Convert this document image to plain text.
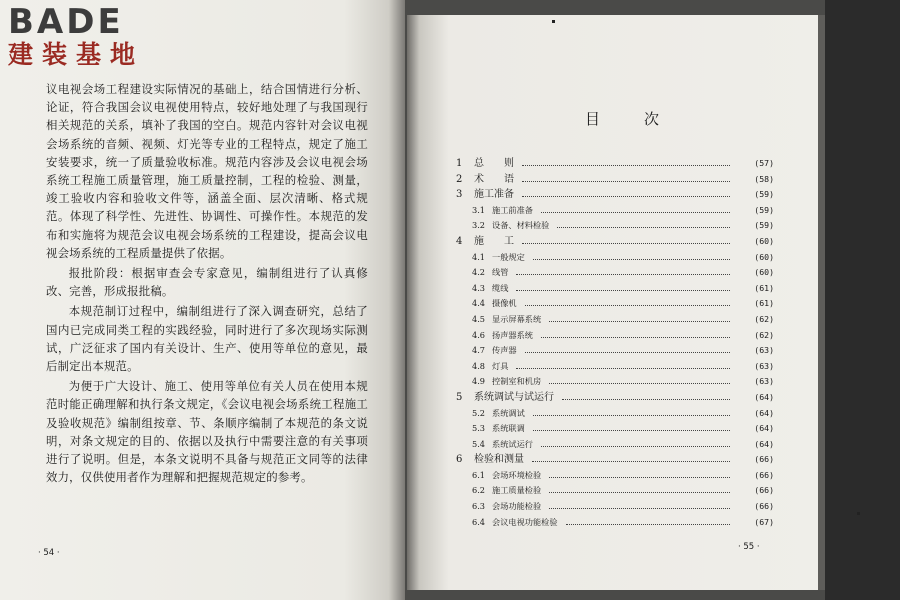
BADE
建装基地

议电视会场工程建设实际情况的基础上，结合国情进行分析、论证，符合我国会议电视使用特点，较好地处理了与我国现行相关规范的关系，填补了我国的空白。规范内容针对会议电视会场系统的音频、视频、灯光等专业的工程特点，规定了施工安装要求，统一了质量验收标准。规范内容涉及会议电视会场系统工程施工质量管理，施工质量控制，工程的检验、测量，竣工验收内容和验收文件等，涵盖全面、层次清晰、格式规范。体现了科学性、先进性、协调性、可操作性。本规范的发布和实施将为规范会议电视会场系统的工程建设，提高会议电视会场系统的工程质量提供了依据。

报批阶段：根据审查会专家意见，编制组进行了认真修改、完善，形成报批稿。

本规范制订过程中，编制组进行了深入调查研究，总结了国内已完成同类工程的实践经验，同时进行了多次现场实际测试，广泛征求了国内有关设计、生产、使用等单位的意见，最后制定出本规范。

为便于广大设计、施工、使用等单位有关人员在使用本规范时能正确理解和执行条文规定，《会议电视会场系统工程施工及验收规范》编制组按章、节、条顺序编制了本规范的条文说明，对条文规定的目的、依据以及执行中需要注意的有关事项进行了说明。但是，本条文说明不具备与规范正文同等的法律效力，仅供使用者作为理解和把握规范规定的参考。

· 54 ·
目	次
1 总　　则	(57)
2 术　　语	(58)
3 施工准备	(59)
3.1 施工前准备	(59)
3.2 设备、材料检验	(59)
4 施　　工	(60)
4.1 一般规定	(60)
4.2 线管	(60)
4.3 缆线	(61)
4.4 摄像机	(61)
4.5 显示屏幕系统	(62)
4.6 扬声器系统	(62)
4.7 传声器	(63)
4.8 灯具	(63)
4.9 控制室和机房	(63)
5 系统调试与试运行	(64)
5.2 系统调试	(64)
5.3 系统联调	(64)
5.4 系统试运行	(64)
6 检验和测量	(66)
6.1 会场环境检验	(66)
6.2 施工质量检验	(66)
6.3 会场功能检验	(66)
6.4 会议电视功能检验	(67)
· 55 ·
